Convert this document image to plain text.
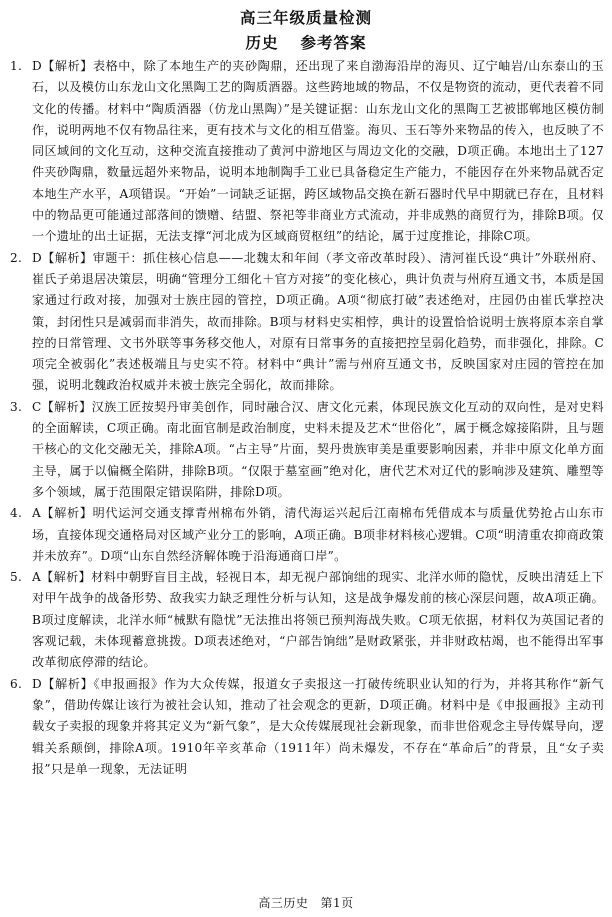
高三年级质量检测
历史 参考答案
1. D【解析】表格中，除了本地生产的夹砂陶鼎，还出现了来自渤海沿岸的海贝、辽宁岫岩/山东泰山的玉石，以及模仿山东龙山文化黑陶工艺的陶质酒器。这些跨地域的物品，不仅是物资的流动，更代表着不同文化的传播。材料中“陶质酒器（仿龙山黑陶）”是关键证据：山东龙山文化的黑陶工艺被邯郸地区模仿制作，说明两地不仅有物品往来，更有技术与文化的相互借鉴。海贝、玉石等外来物品的传入，也反映了不同区域间的文化互动，这种交流直接推动了黄河中游地区与周边文化的交融，D项正确。本地出土了127件夹砂陶鼎，数量远超外来物品，说明本地制陶手工业已具备稳定生产能力，不能因存在外来物品就否定本地生产水平，A项错误。“开始”一词缺乏证据，跨区域物品交换在新石器时代早中期就已存在，且材料中的物品更可能通过部落间的馈赠、结盟、祭祀等非商业方式流动，并非成熟的商贸行为，排除B项。仅一个遗址的出土证据，无法支撑“河北成为区域商贸枢纽”的结论，属于过度推论，排除C项。
2. D【解析】审题干：抓住核心信息——北魏太和年间（孝文帝改革时段）、清河崔氏设“典计”外联州府、崔氏子弟退居决策层，明确“管理分工细化＋官方对接”的变化核心，典计负责与州府互通文书，本质是国家通过行政对接，加强对士族庄园的管控，D项正确。A项“彻底打破”表述绝对，庄园仍由崔氏掌控决策，封闭性只是减弱而非消失，故而排除。B项与材料史实相悖，典计的设置恰恰说明士族将原本亲自掌控的日常管理、文书外联等事务移交他人，对原有日常事务的直接把控呈弱化趋势，而非强化，排除。C项完全被弱化”表述极端且与史实不符。材料中“典计”需与州府互通文书，反映国家对庄园的管控在加强，说明北魏政治权威并未被士族完全弱化，故而排除。
3. C【解析】汉族工匠按契丹审美创作，同时融合汉、唐文化元素，体现民族文化互动的双向性，是对史料的全面解读，C项正确。南北面官制是政治制度，史料未提及艺术“世俗化”，属于概念嫁接陷阱，且与题干核心的文化交融无关，排除A项。“占主导”片面，契丹贵族审美是重要影响因素，并非中原文化单方面主导，属于以偏概全陷阱，排除B项。“仅限于墓室画”绝对化，唐代艺术对辽代的影响涉及建筑、雕塑等多个领域，属于范围限定错误陷阱，排除D项。
4. A【解析】明代运河交通支撑青州棉布外销，清代海运兴起后江南棉布凭借成本与质量优势抢占山东市场，直接体现交通格局对区域产业分工的影响，A项正确。B项非材料核心逻辑。C项“明清重农抑商政策并未放弃”。D项“山东自然经济解体晚于沿海通商口岸”。
5. A【解析】材料中朝野盲目主战，轻视日本，却无视户部饷绌的现实、北洋水师的隐忧，反映出清廷上下对甲午战争的战备形势、敌我实力缺乏理性分析与认知，这是战争爆发前的核心深层问题，故A项正确。B项过度解读，北洋水师“械默有隐忧”无法推出将领已预判海战失败。C项无依据，材料仅为英国记者的客观记载，未体现蓄意挑拨。D项表述绝对，“户部告饷绌”是财政紧张，并非财政枯竭，也不能得出军事改革彻底停滞的结论。
6. D【解析】《申报画报》作为大众传媒，报道女子卖报这一打破传统职业认知的行为，并将其称作“新气象”，借助传媒让该行为被社会认知，推动了社会观念的更新，D项正确。材料中是《申报画报》主动刊载女子卖报的现象并将其定义为“新气象”，是大众传媒展现社会新现象，而非世俗观念主导传媒导向，逻辑关系颠倒，排除A项。1910年辛亥革命（1911年）尚未爆发，不存在“革命后”的背景，且“女子卖报”只是单一现象，无法证明
高三历史 第1页
